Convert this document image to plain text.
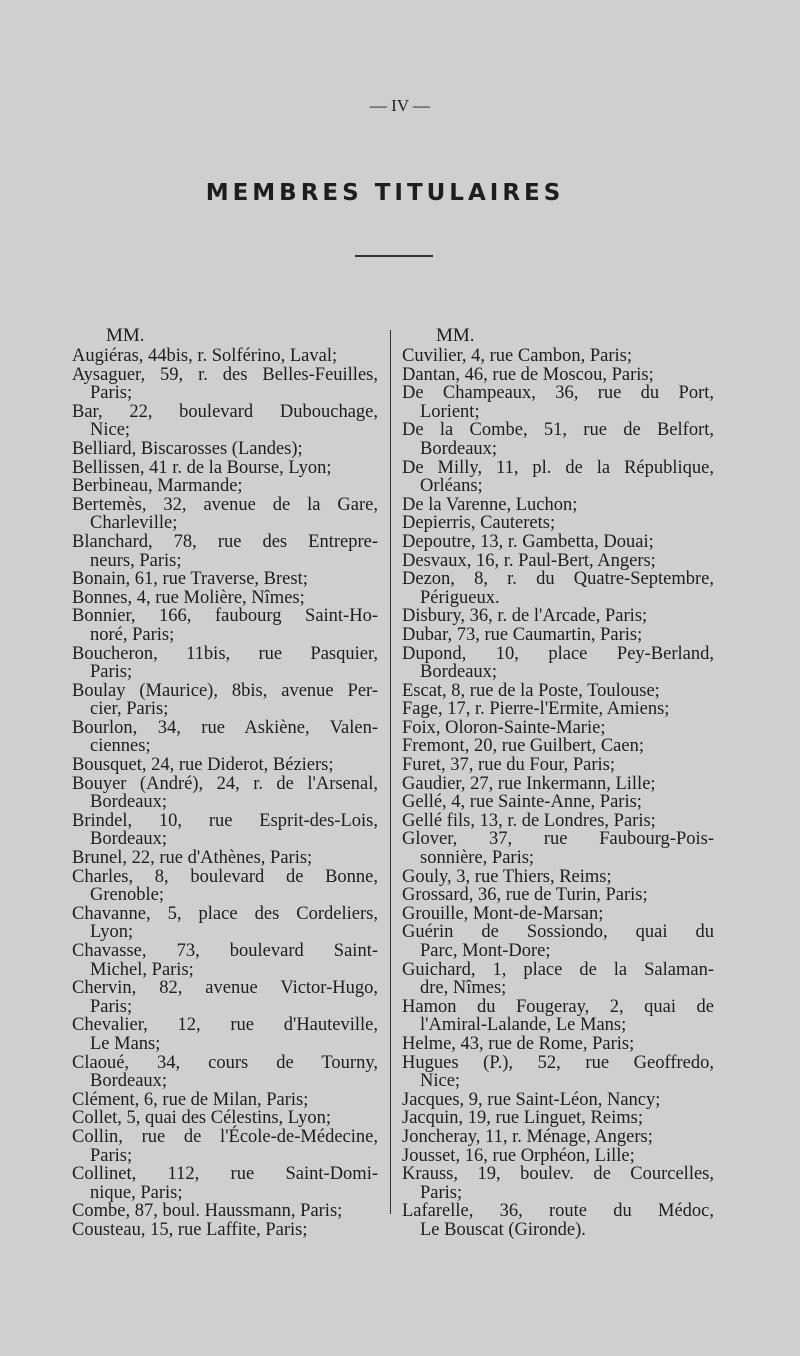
— IV —
MEMBRES TITULAIRES
MM.
Augiéras, 44bis, r. Solférino, Laval;
Aysaguer, 59, r. des Belles-Feuilles,
Paris;
Bar, 22, boulevard Dubouchage,
Nice;
Belliard, Biscarosses (Landes);
Bellissen, 41 r. de la Bourse, Lyon;
Berbineau, Marmande;
Bertemès, 32, avenue de la Gare,
Charleville;
Blanchard, 78, rue des Entrepre-
neurs, Paris;
Bonain, 61, rue Traverse, Brest;
Bonnes, 4, rue Molière, Nîmes;
Bonnier, 166, faubourg Saint-Ho-
noré, Paris;
Boucheron, 11bis, rue Pasquier,
Paris;
Boulay (Maurice), 8bis, avenue Per-
cier, Paris;
Bourlon, 34, rue Askiène, Valen-
ciennes;
Bousquet, 24, rue Diderot, Béziers;
Bouyer (André), 24, r. de l'Arsenal,
Bordeaux;
Brindel, 10, rue Esprit-des-Lois,
Bordeaux;
Brunel, 22, rue d'Athènes, Paris;
Charles, 8, boulevard de Bonne,
Grenoble;
Chavanne, 5, place des Cordeliers,
Lyon;
Chavasse, 73, boulevard Saint-
Michel, Paris;
Chervin, 82, avenue Victor-Hugo,
Paris;
Chevalier, 12, rue d'Hauteville,
Le Mans;
Claoué, 34, cours de Tourny,
Bordeaux;
Clément, 6, rue de Milan, Paris;
Collet, 5, quai des Célestins, Lyon;
Collin, rue de l'École-de-Médecine,
Paris;
Collinet, 112, rue Saint-Domi-
nique, Paris;
Combe, 87, boul. Haussmann, Paris;
Cousteau, 15, rue Laffite, Paris;
MM.
Cuvilier, 4, rue Cambon, Paris;
Dantan, 46, rue de Moscou, Paris;
De Champeaux, 36, rue du Port,
Lorient;
De la Combe, 51, rue de Belfort,
Bordeaux;
De Milly, 11, pl. de la République,
Orléans;
De la Varenne, Luchon;
Depierris, Cauterets;
Depoutre, 13, r. Gambetta, Douai;
Desvaux, 16, r. Paul-Bert, Angers;
Dezon, 8, r. du Quatre-Septembre,
Périgueux.
Disbury, 36, r. de l'Arcade, Paris;
Dubar, 73, rue Caumartin, Paris;
Dupond, 10, place Pey-Berland,
Bordeaux;
Escat, 8, rue de la Poste, Toulouse;
Fage, 17, r. Pierre-l'Ermite, Amiens;
Foix, Oloron-Sainte-Marie;
Fremont, 20, rue Guilbert, Caen;
Furet, 37, rue du Four, Paris;
Gaudier, 27, rue Inkermann, Lille;
Gellé, 4, rue Sainte-Anne, Paris;
Gellé fils, 13, r. de Londres, Paris;
Glover, 37, rue Faubourg-Pois-
sonnière, Paris;
Gouly, 3, rue Thiers, Reims;
Grossard, 36, rue de Turin, Paris;
Grouille, Mont-de-Marsan;
Guérin de Sossiondo, quai du
Parc, Mont-Dore;
Guichard, 1, place de la Salaman-
dre, Nîmes;
Hamon du Fougeray, 2, quai de
l'Amiral-Lalande, Le Mans;
Helme, 43, rue de Rome, Paris;
Hugues (P.), 52, rue Geoffredo,
Nice;
Jacques, 9, rue Saint-Léon, Nancy;
Jacquin, 19, rue Linguet, Reims;
Joncheray, 11, r. Ménage, Angers;
Jousset, 16, rue Orphéon, Lille;
Krauss, 19, boulev. de Courcelles,
Paris;
Lafarelle, 36, route du Médoc,
Le Bouscat (Gironde).
